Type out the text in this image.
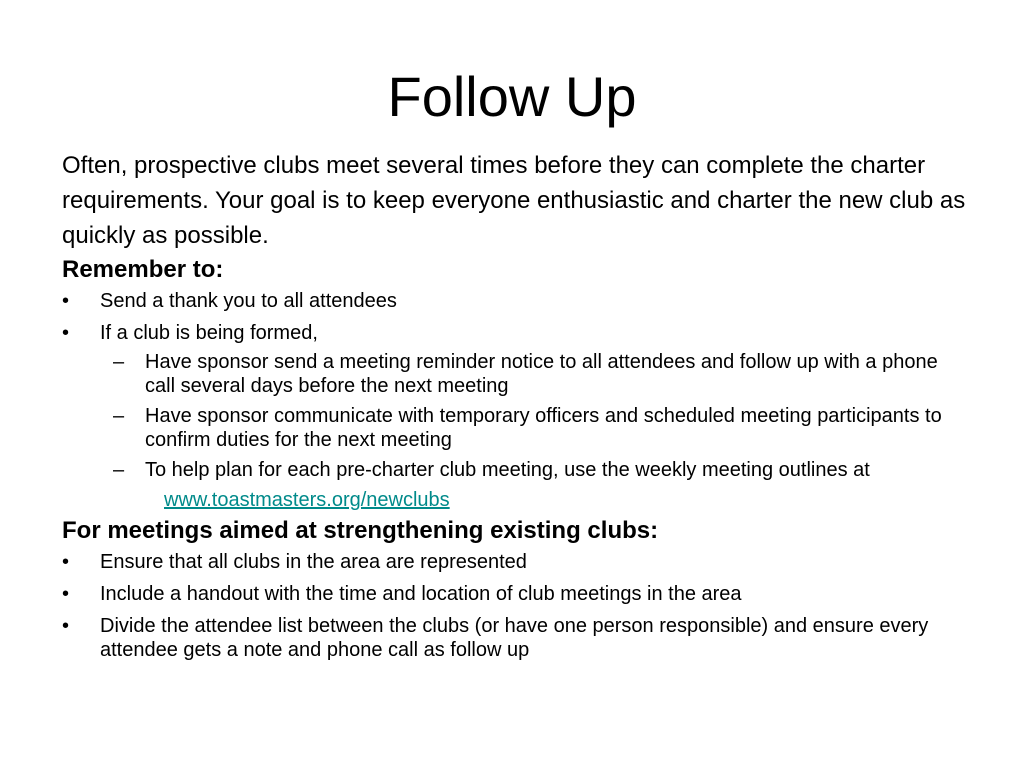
Follow Up

Often, prospective clubs meet several times before they can complete the charter requirements. Your goal is to keep everyone enthusiastic and charter the new club as quickly as possible.

Remember to:
• Send a thank you to all attendees
• If a club is being formed,
– Have sponsor send a meeting reminder notice to all attendees and follow up with a phone call several days before the next meeting
– Have sponsor communicate with temporary officers and scheduled meeting participants to confirm duties for the next meeting
– To help plan for each pre-charter club meeting, use the weekly meeting outlines at
www.toastmasters.org/newclubs
For meetings aimed at strengthening existing clubs:
• Ensure that all clubs in the area are represented
• Include a handout with the time and location of club meetings in the area
• Divide the attendee list between the clubs (or have one person responsible) and ensure every attendee gets a note and phone call as follow up
